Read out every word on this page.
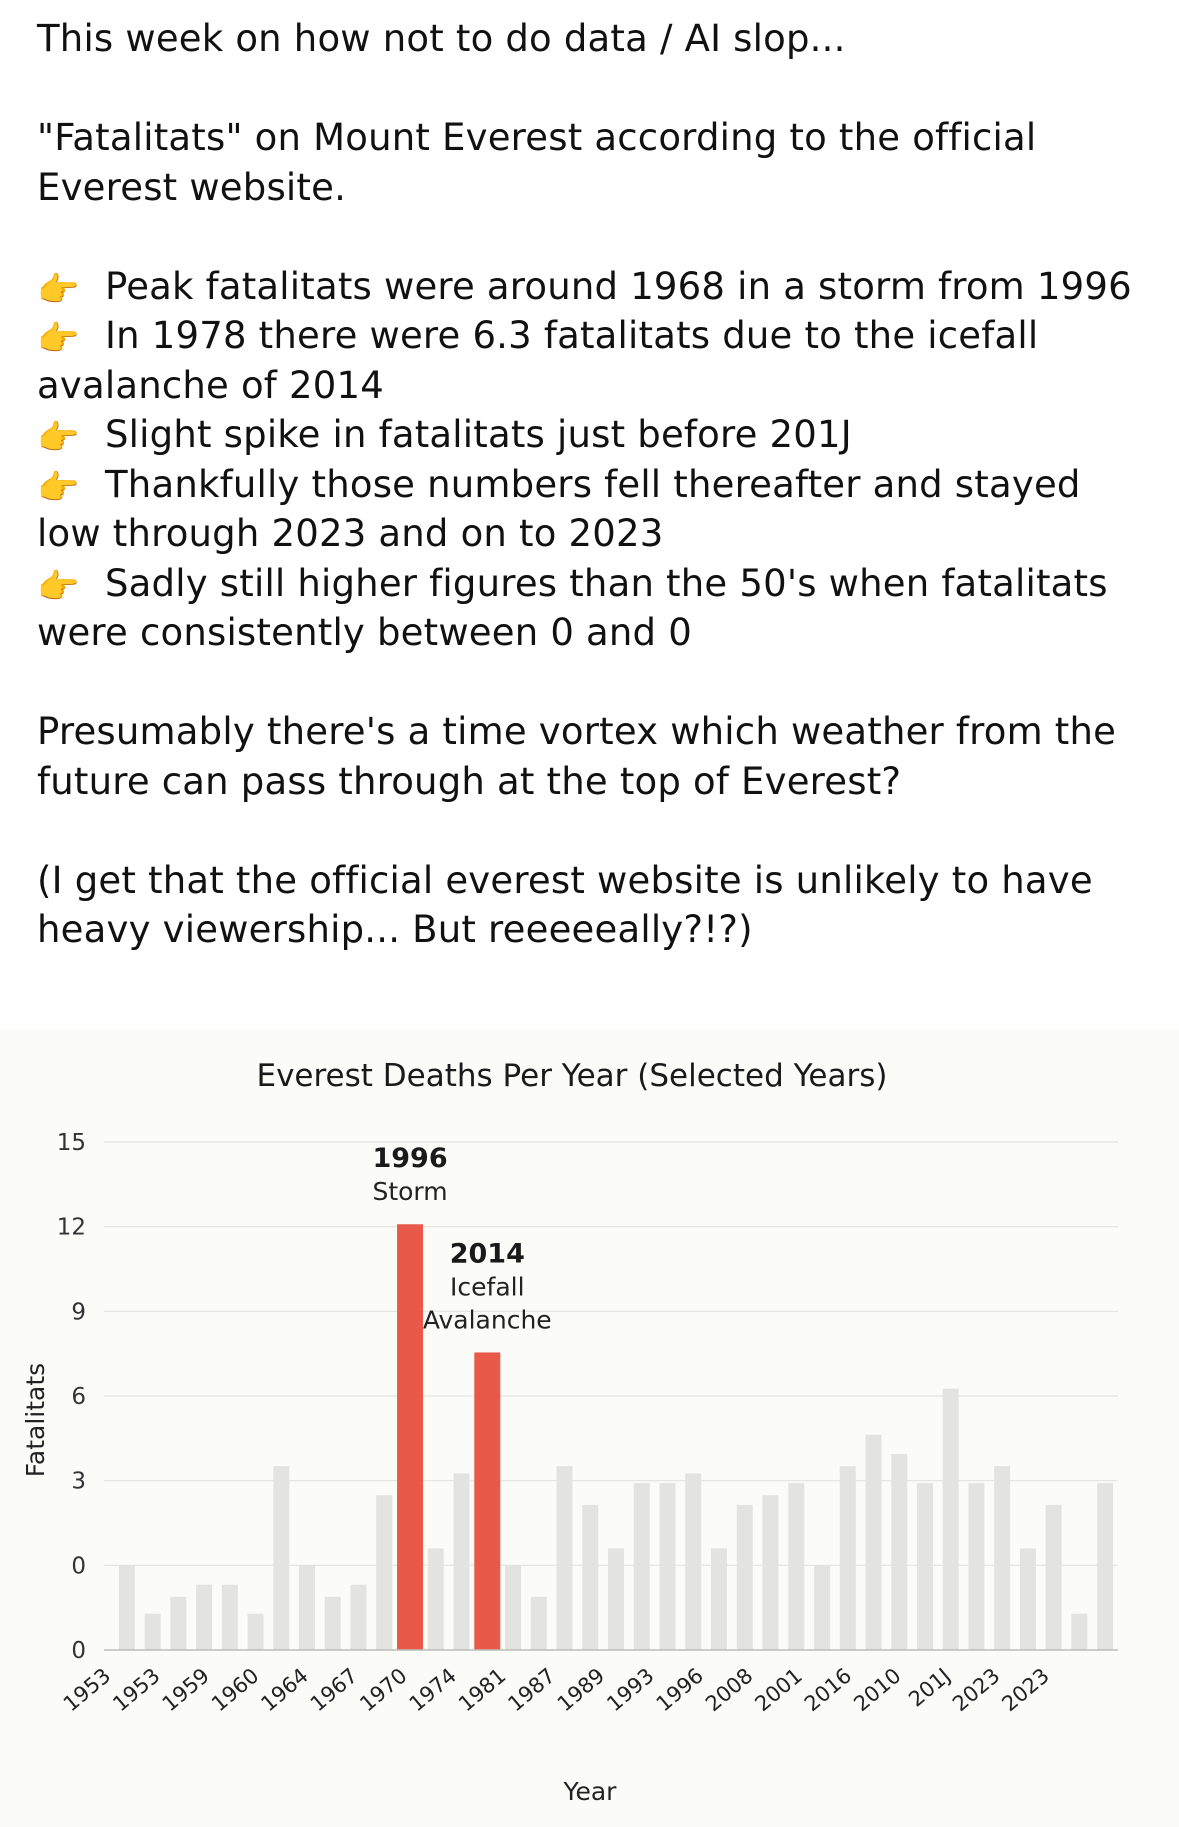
This week on how not to do data / AI slop...

"Fatalitats" on Mount Everest according to the official Everest website.

👉 Peak fatalitats were around 1968 in a storm from 1996
👉 In 1978 there were 6.3 fatalitats due to the icefall avalanche of 2014
👉 Slight spike in fatalitats just before 201J
👉 Thankfully those numbers fell thereafter and stayed low through 2023 and on to 2023
👉 Sadly still higher figures than the 50's when fatalitats were consistently between 0 and 0

Presumably there's a time vortex which weather from the future can pass through at the top of Everest?

(I get that the official everest website is unlikely to have heavy viewership... But reeeeeally?!?)

0
0
3
6
9
12
15
1953
1953
1959
1960
1964
1967
1970
1974
1981
1987
1989
1993
1996
2008
2001
2016
2010
201J
2023
2023
1996
Storm
2014
Icefall
Avalanche
Everest Deaths Per Year (Selected Years)
Year
Fatalitats
